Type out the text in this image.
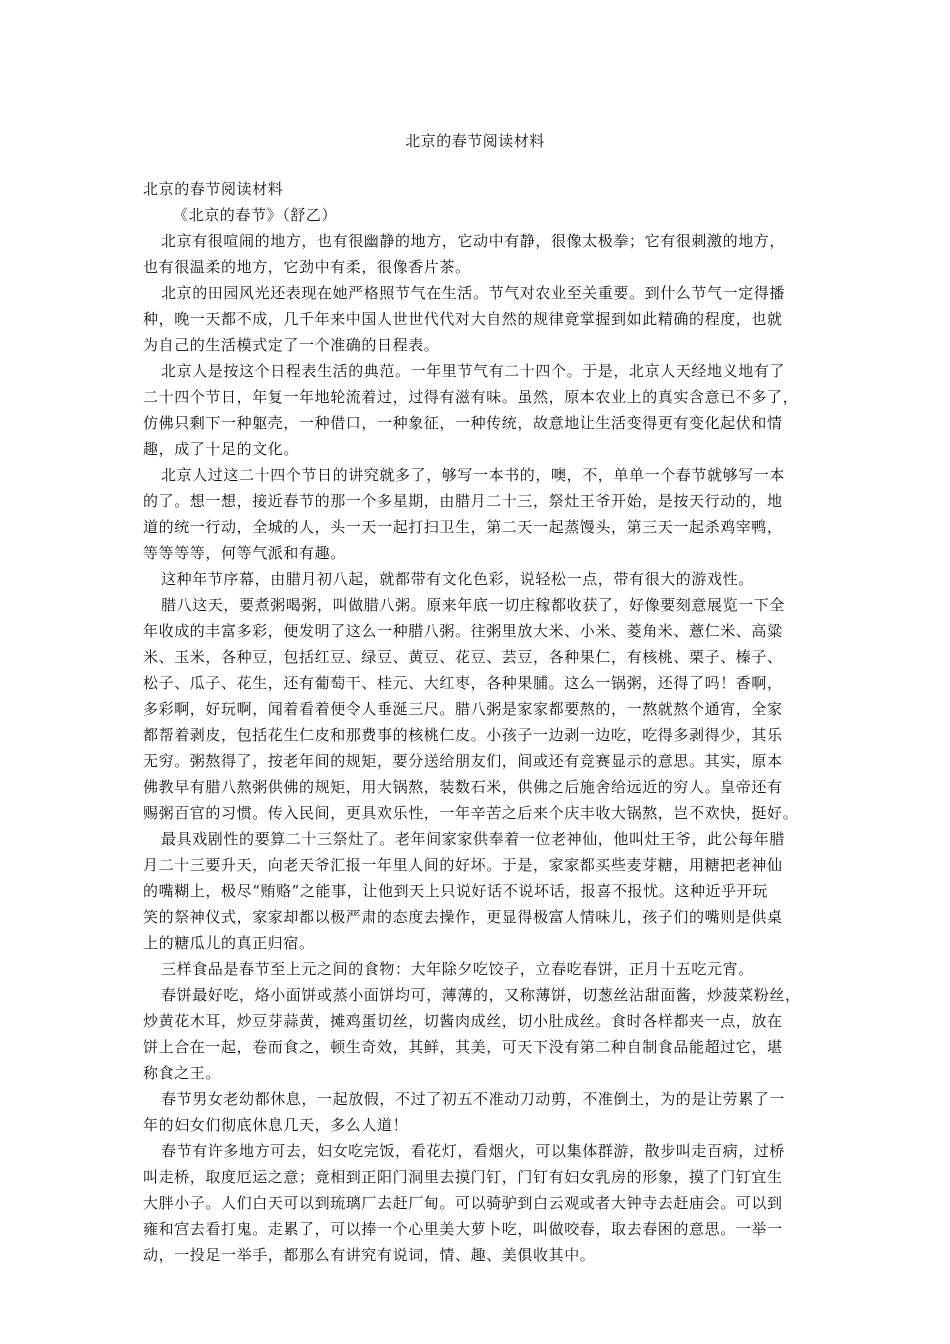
北京的春节阅读材料

北京的春节阅读材料

《北京的春节》（舒乙）

北京有很喧闹的地方，也有很幽静的地方，它动中有静，很像太极拳；它有很刺激的地方，
也有很温柔的地方，它劲中有柔，很像香片茶。

北京的田园风光还表现在她严格照节气在生活。节气对农业至关重要。到什么节气一定得播
种，晚一天都不成，几千年来中国人世世代代对大自然的规律竟掌握到如此精确的程度，也就
为自己的生活模式定了一个准确的日程表。

北京人是按这个日程表生活的典范。一年里节气有二十四个。于是，北京人天经地义地有了
二十四个节日，年复一年地轮流着过，过得有滋有味。虽然，原本农业上的真实含意已不多了，
仿佛只剩下一种躯壳，一种借口，一种象征，一种传统，故意地让生活变得更有变化起伏和情
趣，成了十足的文化。

北京人过这二十四个节日的讲究就多了，够写一本书的，噢，不，单单一个春节就够写一本
的了。想一想，接近春节的那一个多星期，由腊月二十三，祭灶王爷开始，是按天行动的，地
道的统一行动，全城的人，头一天一起打扫卫生，第二天一起蒸馒头，第三天一起杀鸡宰鸭，
等等等等，何等气派和有趣。

这种年节序幕，由腊月初八起，就都带有文化色彩，说轻松一点，带有很大的游戏性。

腊八这天，要煮粥喝粥，叫做腊八粥。原来年底一切庄稼都收获了，好像要刻意展览一下全
年收成的丰富多彩，便发明了这么一种腊八粥。往粥里放大米、小米、菱角米、薏仁米、高粱
米、玉米，各种豆，包括红豆、绿豆、黄豆、花豆、芸豆，各种果仁，有核桃、栗子、榛子、
松子、瓜子、花生，还有葡萄干、桂元、大红枣，各种果脯。这么一锅粥，还得了吗！香啊，
多彩啊，好玩啊，闻着看着便令人垂涎三尺。腊八粥是家家都要熬的，一熬就熬个通宵，全家
都帮着剥皮，包括花生仁皮和那费事的核桃仁皮。小孩子一边剥一边吃，吃得多剥得少，其乐
无穷。粥熬得了，按老年间的规矩，要分送给朋友们，间或还有竞赛显示的意思。其实，原本
佛教早有腊八熬粥供佛的规矩，用大锅熬，装数石米，供佛之后施舍给远近的穷人。皇帝还有
赐粥百官的习惯。传入民间，更具欢乐性，一年辛苦之后来个庆丰收大锅熬，岂不欢快，挺好。

最具戏剧性的要算二十三祭灶了。老年间家家供奉着一位老神仙，他叫灶王爷，此公每年腊
月二十三要升天，向老天爷汇报一年里人间的好坏。于是，家家都买些麦芽糖，用糖把老神仙
的嘴糊上，极尽“贿赂”之能事，让他到天上只说好话不说坏话，报喜不报忧。这种近乎开玩
笑的祭神仪式，家家却都以极严肃的态度去操作，更显得极富人情味儿，孩子们的嘴则是供桌
上的糖瓜儿的真正归宿。

三样食品是春节至上元之间的食物：大年除夕吃饺子，立春吃春饼，正月十五吃元宵。

春饼最好吃，烙小面饼或蒸小面饼均可，薄薄的，又称薄饼，切葱丝沾甜面酱，炒菠菜粉丝，
炒黄花木耳，炒豆芽蒜黄，摊鸡蛋切丝，切酱肉成丝，切小肚成丝。食时各样都夹一点，放在
饼上合在一起，卷而食之，顿生奇效，其鲜，其美，可天下没有第二种自制食品能超过它，堪
称食之王。

春节男女老幼都休息，一起放假，不过了初五不准动刀动剪，不准倒土，为的是让劳累了一
年的妇女们彻底休息几天，多么人道！

春节有许多地方可去，妇女吃完饭，看花灯，看烟火，可以集体群游，散步叫走百病，过桥
叫走桥，取度厄运之意；竟相到正阳门洞里去摸门钉，门钉有妇女乳房的形象，摸了门钉宜生
大胖小子。人们白天可以到琉璃厂去赶厂甸。可以骑驴到白云观或者大钟寺去赶庙会。可以到
雍和宫去看打鬼。走累了，可以捧一个心里美大萝卜吃，叫做咬春，取去春困的意思。一举一
动，一投足一举手，都那么有讲究有说词，情、趣、美俱收其中。
